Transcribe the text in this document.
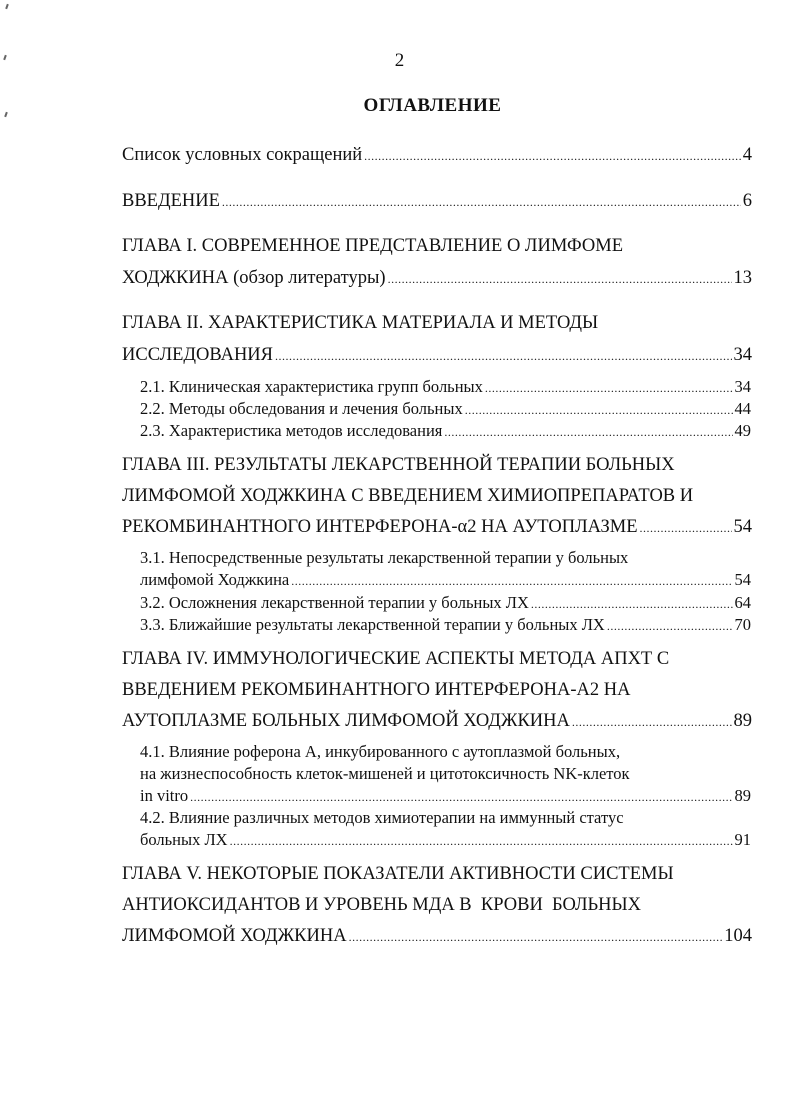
2
ОГЛАВЛЕНИЕ
Список условных сокращений .....	4
ВВЕДЕНИЕ .....	6
ГЛАВА I. СОВРЕМЕННОЕ ПРЕДСТАВЛЕНИЕ О ЛИМФОМЕ
ХОДЖКИНА (обзор литературы) .....	13
ГЛАВА II. ХАРАКТЕРИСТИКА МАТЕРИАЛА И МЕТОДЫ
ИССЛЕДОВАНИЯ .....	34
2.1. Клиническая характеристика групп больных .....	34
2.2. Методы обследования и лечения больных .....	44
2.3. Характеристика методов исследования .....	49
ГЛАВА III. РЕЗУЛЬТАТЫ ЛЕКАРСТВЕННОЙ ТЕРАПИИ БОЛЬНЫХ
ЛИМФОМОЙ ХОДЖКИНА С ВВЕДЕНИЕМ ХИМИОПРЕПАРАТОВ И
РЕКОМБИНАНТНОГО ИНТЕРФЕРОНА-α2 НА АУТОПЛАЗМЕ .....	54
3.1. Непосредственные результаты лекарственной терапии у больных
лимфомой Ходжкина .....	54
3.2. Осложнения лекарственной терапии у больных ЛХ .....	64
3.3. Ближайшие результаты лекарственной терапии у больных ЛХ .....	70
ГЛАВА IV. ИММУНОЛОГИЧЕСКИЕ АСПЕКТЫ МЕТОДА АПХТ С
ВВЕДЕНИЕМ РЕКОМБИНАНТНОГО ИНТЕРФЕРОНА-А2 НА
АУТОПЛАЗМЕ БОЛЬНЫХ ЛИМФОМОЙ ХОДЖКИНА .....	89
4.1. Влияние роферона А, инкубированного с аутоплазмой больных,
на жизнеспособность клеток-мишеней и цитотоксичность NK-клеток
in vitro .....	89
4.2. Влияние различных методов химиотерапии на иммунный статус
больных ЛХ .....	91
ГЛАВА V. НЕКОТОРЫЕ ПОКАЗАТЕЛИ АКТИВНОСТИ СИСТЕМЫ
АНТИОКСИДАНТОВ И УРОВЕНЬ МДА В  КРОВИ  БОЛЬНЫХ
ЛИМФОМОЙ ХОДЖКИНА .....	104
